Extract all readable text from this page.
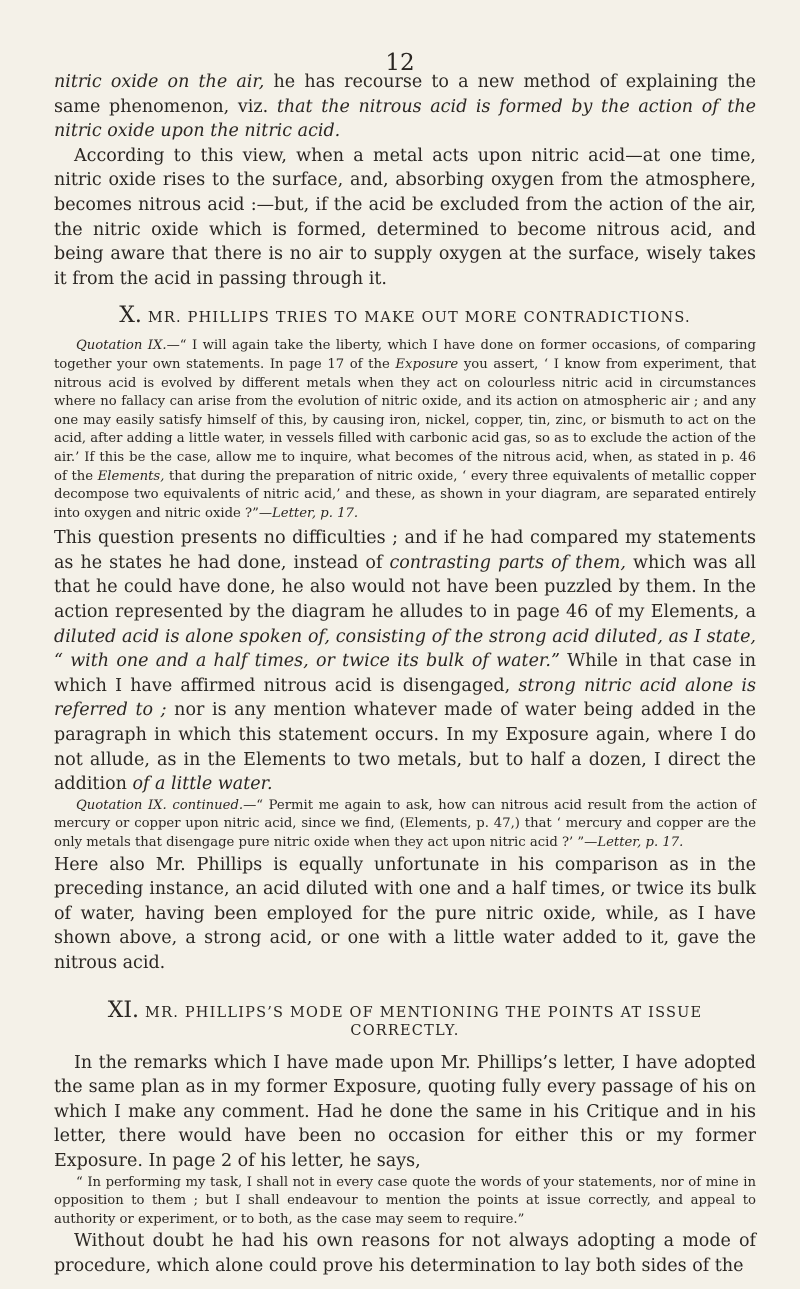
12

nitric oxide on the air, he has recourse to a new method of explaining the same phenomenon, viz. that the nitrous acid is formed by the action of the nitric oxide upon the nitric acid.

According to this view, when a metal acts upon nitric acid—at one time, nitric oxide rises to the surface, and, absorbing oxygen from the atmosphere, becomes nitrous acid :—but, if the acid be excluded from the action of the air, the nitric oxide which is formed, determined to become nitrous acid, and being aware that there is no air to supply oxygen at the surface, wisely takes it from the acid in passing through it.

X. MR. PHILLIPS TRIES TO MAKE OUT MORE CONTRADICTIONS.

Quotation IX.—“ I will again take the liberty, which I have done on former occasions, of comparing together your own statements. In page 17 of the Exposure you assert, ‘ I know from experiment, that nitrous acid is evolved by different metals when they act on colourless nitric acid in circumstances where no fallacy can arise from the evolution of nitric oxide, and its action on atmospheric air ; and any one may easily satisfy himself of this, by causing iron, nickel, copper, tin, zinc, or bismuth to act on the acid, after adding a little water, in vessels filled with carbonic acid gas, so as to exclude the action of the air.’ If this be the case, allow me to inquire, what becomes of the nitrous acid, when, as stated in p. 46 of the Elements, that during the preparation of nitric oxide, ‘ every three equivalents of metallic copper decompose two equivalents of nitric acid,’ and these, as shown in your diagram, are separated entirely into oxygen and nitric oxide ?”—Letter, p. 17.

This question presents no difficulties ; and if he had compared my statements as he states he had done, instead of contrasting parts of them, which was all that he could have done, he also would not have been puzzled by them. In the action represented by the diagram he alludes to in page 46 of my Elements, a diluted acid is alone spoken of, consisting of the strong acid diluted, as I state, “ with one and a half times, or twice its bulk of water.” While in that case in which I have affirmed nitrous acid is disengaged, strong nitric acid alone is referred to ; nor is any mention whatever made of water being added in the paragraph in which this statement occurs. In my Exposure again, where I do not allude, as in the Elements to two metals, but to half a dozen, I direct the addition of a little water.

Quotation IX. continued.—“ Permit me again to ask, how can nitrous acid result from the action of mercury or copper upon nitric acid, since we find, (Elements, p. 47,) that ‘ mercury and copper are the only metals that disengage pure nitric oxide when they act upon nitric acid ?’ ”—Letter, p. 17.

Here also Mr. Phillips is equally unfortunate in his comparison as in the preceding instance, an acid diluted with one and a half times, or twice its bulk of water, having been employed for the pure nitric oxide, while, as I have shown above, a strong acid, or one with a little water added to it, gave the nitrous acid.

XI. MR. PHILLIPS’S MODE OF MENTIONING THE POINTS AT ISSUE CORRECTLY.

In the remarks which I have made upon Mr. Phillips’s letter, I have adopted the same plan as in my former Exposure, quoting fully every passage of his on which I make any comment. Had he done the same in his Critique and in his letter, there would have been no occasion for either this or my former Exposure. In page 2 of his letter, he says,

“ In performing my task, I shall not in every case quote the words of your statements, nor of mine in opposition to them ; but I shall endeavour to mention the points at issue correctly, and appeal to authority or experiment, or to both, as the case may seem to require.”

Without doubt he had his own reasons for not always adopting a mode of procedure, which alone could prove his determination to lay both sides of the
